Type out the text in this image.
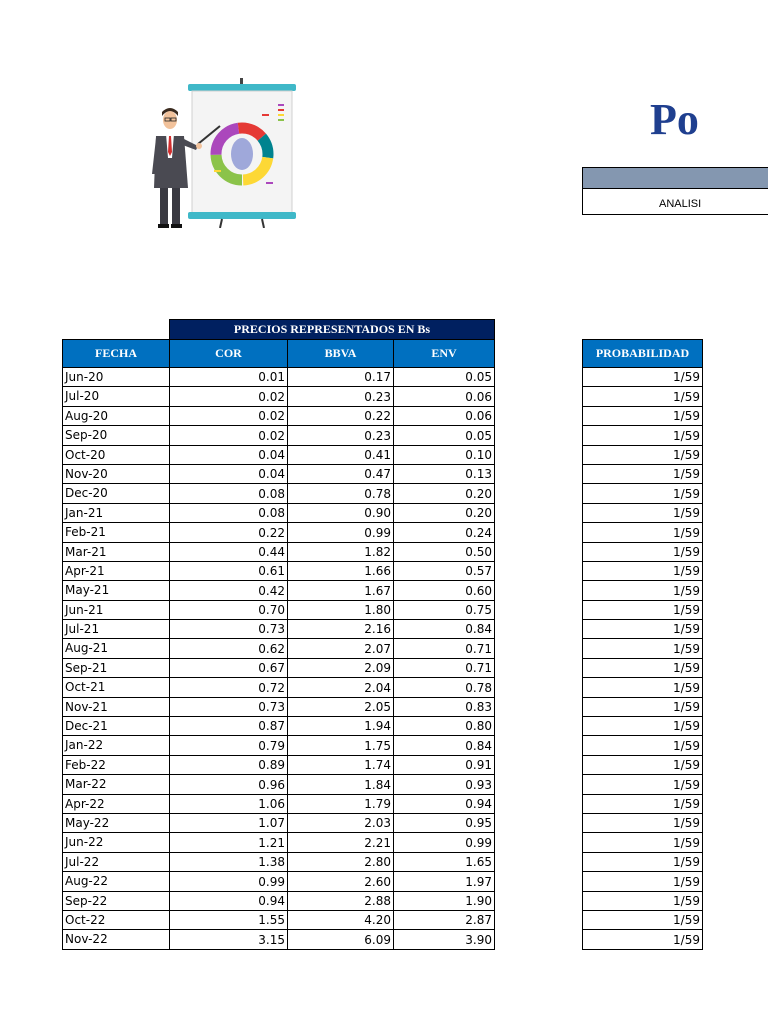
Po
ANALISI
	PRECIOS REPRESENTADOS EN Bs		
FECHA	COR	BBVA	ENV
Jun-20	0.01	0.17	0.05
Jul-20	0.02	0.23	0.06
Aug-20	0.02	0.22	0.06
Sep-20	0.02	0.23	0.05
Oct-20	0.04	0.41	0.10
Nov-20	0.04	0.47	0.13
Dec-20	0.08	0.78	0.20
Jan-21	0.08	0.90	0.20
Feb-21	0.22	0.99	0.24
Mar-21	0.44	1.82	0.50
Apr-21	0.61	1.66	0.57
May-21	0.42	1.67	0.60
Jun-21	0.70	1.80	0.75
Jul-21	0.73	2.16	0.84
Aug-21	0.62	2.07	0.71
Sep-21	0.67	2.09	0.71
Oct-21	0.72	2.04	0.78
Nov-21	0.73	2.05	0.83
Dec-21	0.87	1.94	0.80
Jan-22	0.79	1.75	0.84
Feb-22	0.89	1.74	0.91
Mar-22	0.96	1.84	0.93
Apr-22	1.06	1.79	0.94
May-22	1.07	2.03	0.95
Jun-22	1.21	2.21	0.99
Jul-22	1.38	2.80	1.65
Aug-22	0.99	2.60	1.97
Sep-22	0.94	2.88	1.90
Oct-22	1.55	4.20	2.87
Nov-22	3.15	6.09	3.90
PROBABILIDAD
1/59
1/59
1/59
1/59
1/59
1/59
1/59
1/59
1/59
1/59
1/59
1/59
1/59
1/59
1/59
1/59
1/59
1/59
1/59
1/59
1/59
1/59
1/59
1/59
1/59
1/59
1/59
1/59
1/59
1/59
